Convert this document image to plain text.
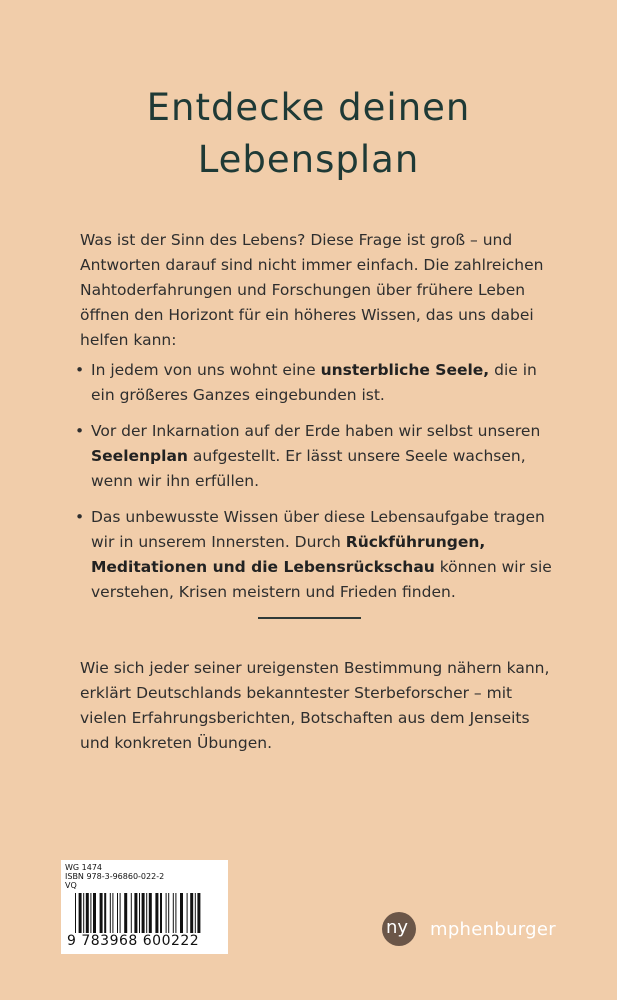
Entdecke deinen
Lebensplan

Was ist der Sinn des Lebens? Diese Frage ist groß – und Antworten darauf sind nicht immer einfach. Die zahlreichen Nahtoderfahrungen und Forschungen über frühere Leben öffnen den Horizont für ein höheres Wissen, das uns dabei helfen kann:

• In jedem von uns wohnt eine unsterbliche Seele, die in ein größeres Ganzes eingebunden ist.
• Vor der Inkarnation auf der Erde haben wir selbst unseren Seelenplan aufgestellt. Er lässt unsere Seele wachsen, wenn wir ihn erfüllen.
• Das unbewusste Wissen über diese Lebensaufgabe tragen wir in unserem Innersten. Durch Rückführungen, Meditationen und die Lebensrückschau können wir sie verstehen, Krisen meistern und Frieden finden.

Wie sich jeder seiner ureigensten Bestimmung nähern kann, erklärt Deutschlands bekanntester Sterbeforscher – mit vielen Erfahrungsberichten, Botschaften aus dem Jenseits und konkreten Übungen.

WG 1474
ISBN 978-3-96860-022-2
VQ

9 783968 600222
ny mphenburger
